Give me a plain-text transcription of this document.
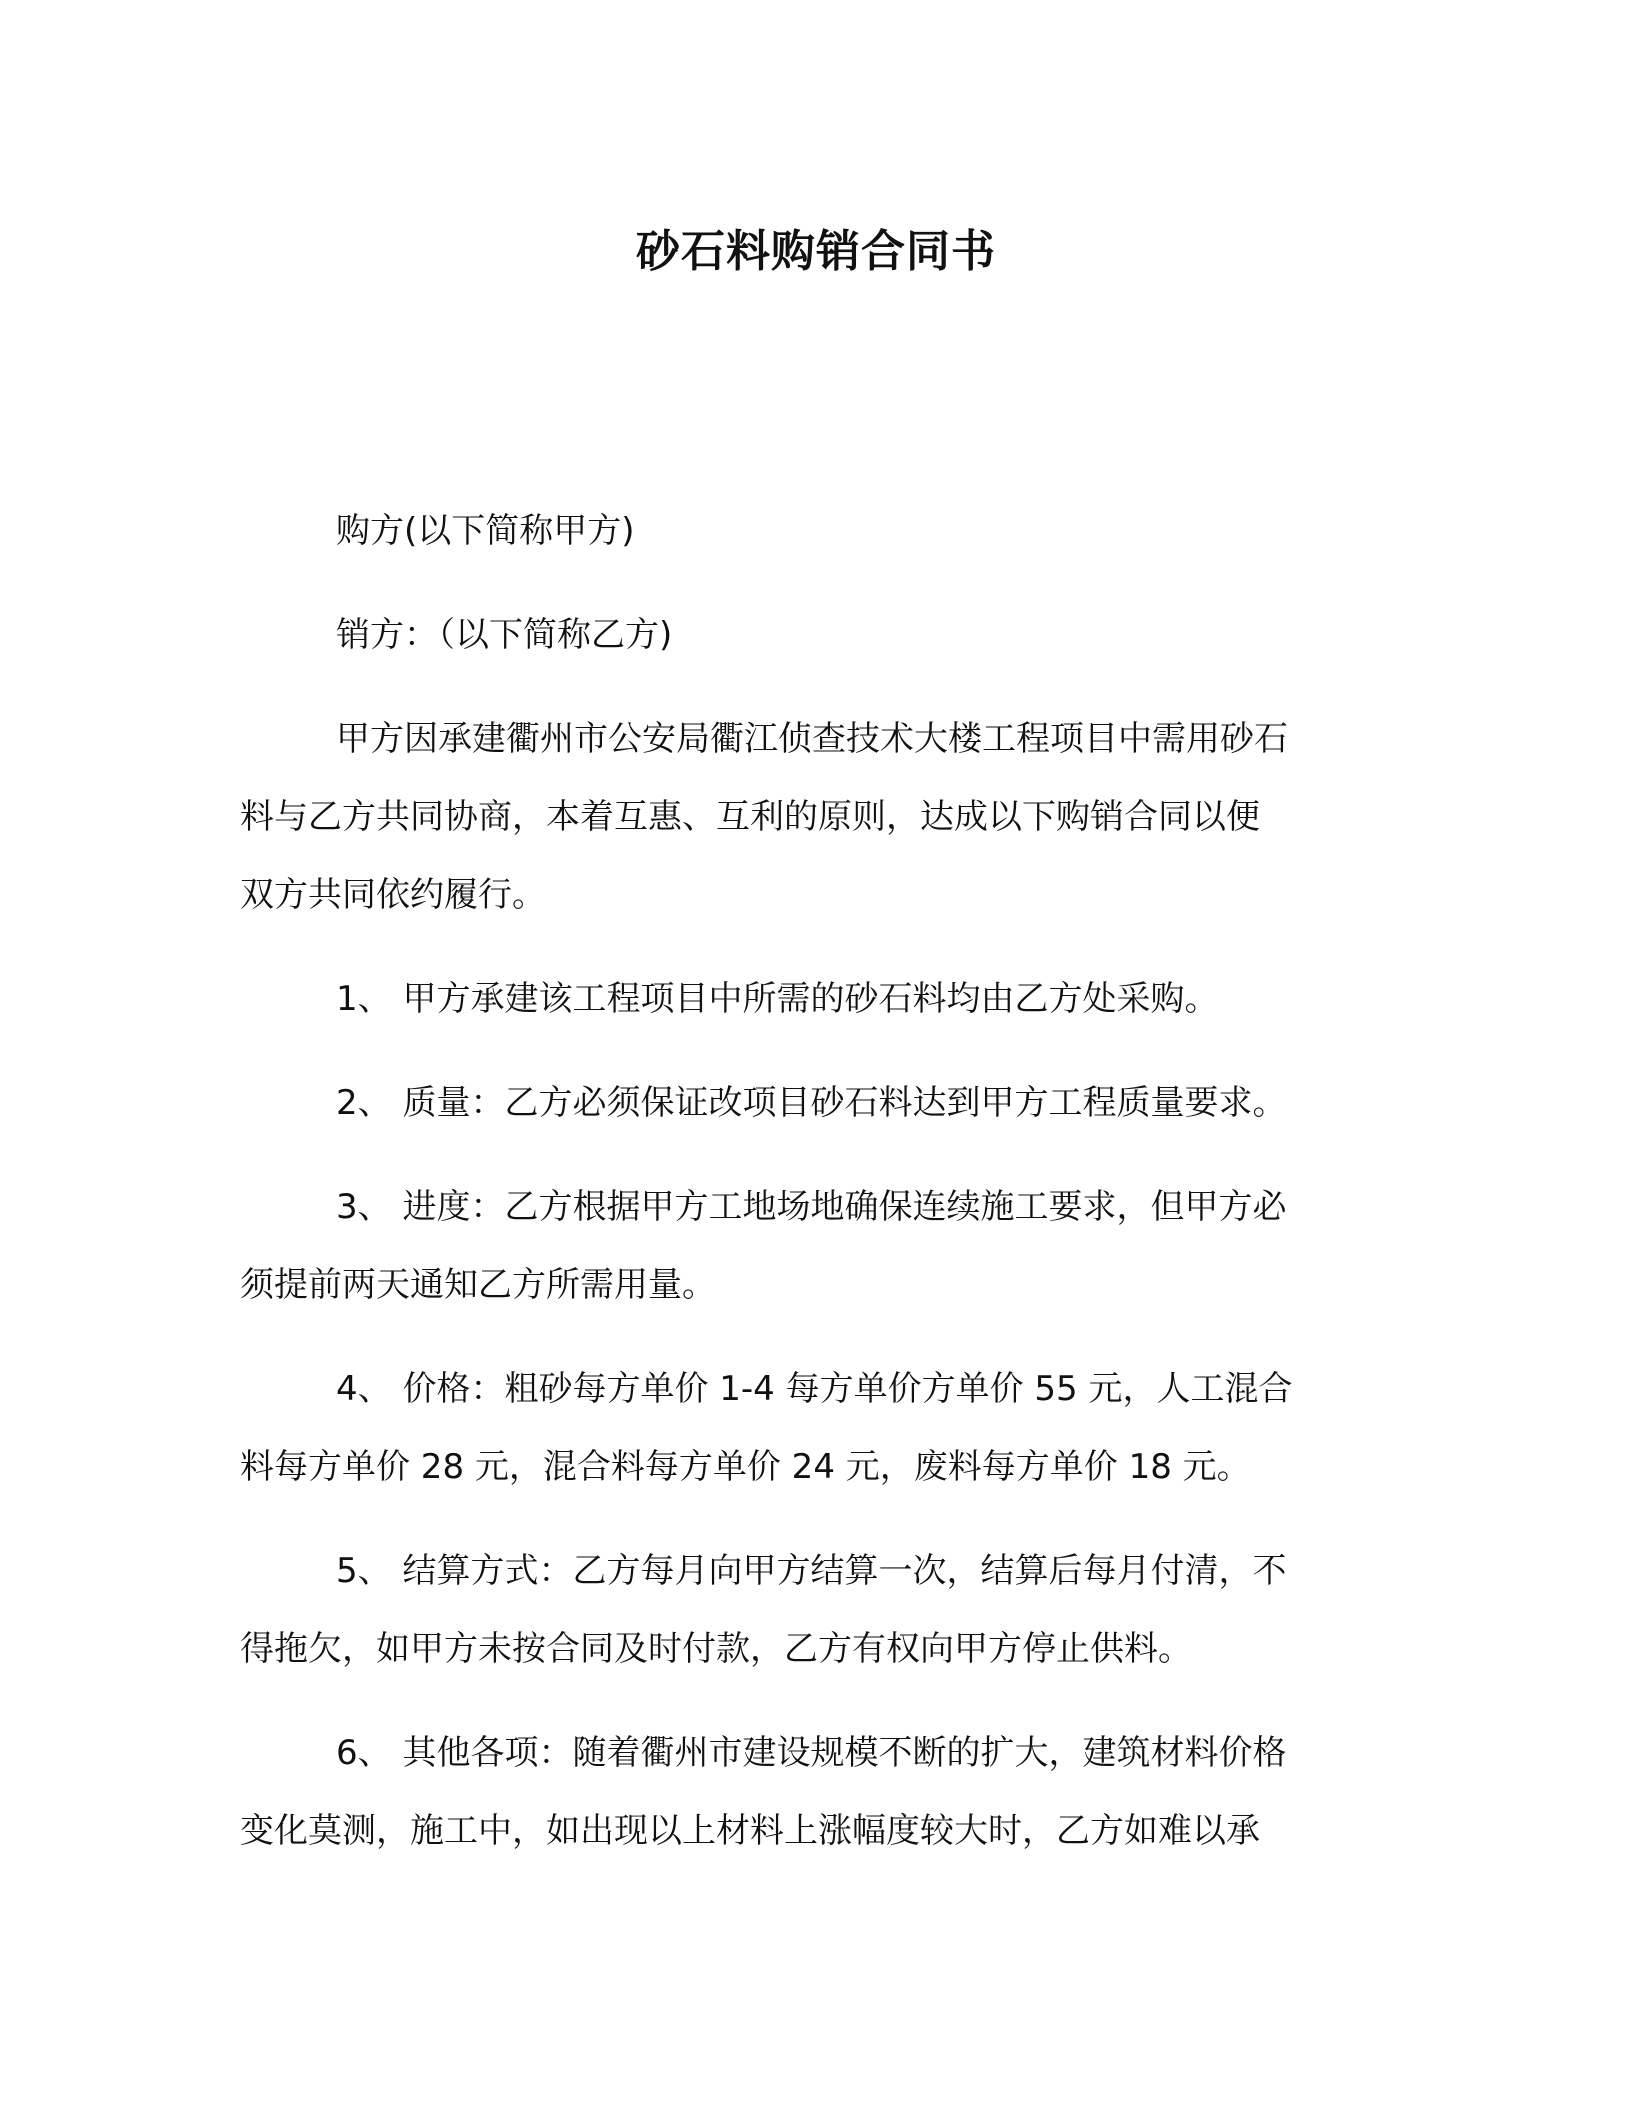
砂石料购销合同书

购方(以下简称甲方)

销方：（以下简称乙方)

甲方因承建衢州市公安局衢江侦查技术大楼工程项目中需用砂石
料与乙方共同协商，本着互惠、互利的原则，达成以下购销合同以便
双方共同依约履行。

1、 甲方承建该工程项目中所需的砂石料均由乙方处采购。

2、 质量：乙方必须保证改项目砂石料达到甲方工程质量要求。

3、 进度：乙方根据甲方工地场地确保连续施工要求，但甲方必
须提前两天通知乙方所需用量。

4、 价格：粗砂每方单价 1-4 每方单价方单价 55 元，人工混合
料每方单价 28 元，混合料每方单价 24 元，废料每方单价 18 元。

5、 结算方式：乙方每月向甲方结算一次，结算后每月付清，不
得拖欠，如甲方未按合同及时付款，乙方有权向甲方停止供料。

6、 其他各项：随着衢州市建设规模不断的扩大，建筑材料价格
变化莫测，施工中，如出现以上材料上涨幅度较大时，乙方如难以承
